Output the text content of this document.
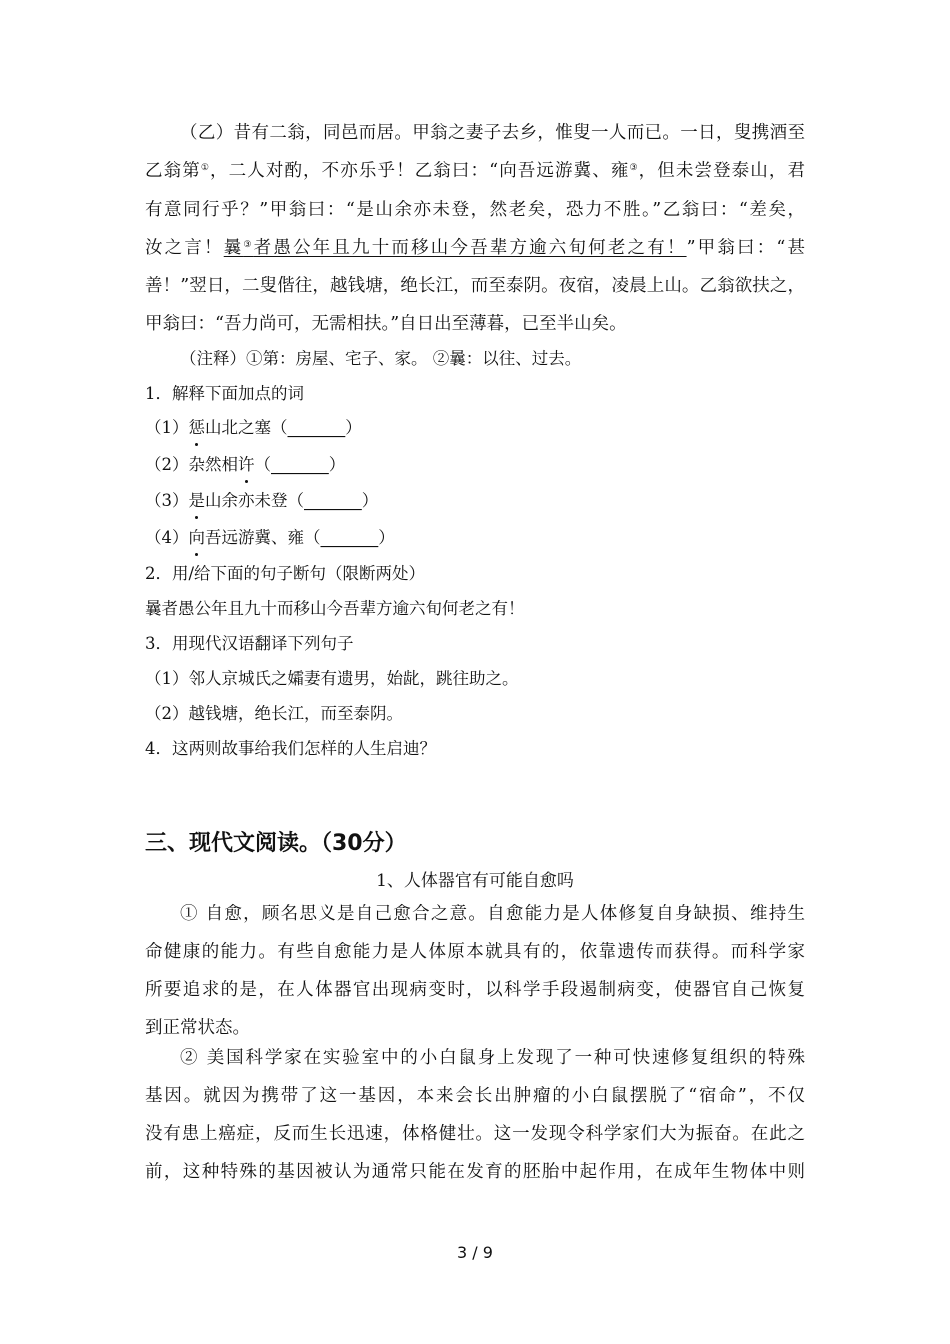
（乙）昔有二翁，同邑而居。甲翁之妻子去乡，惟叟一人而已。一日，叟携酒至
乙翁第①，二人对酌，不亦乐乎！乙翁曰：“向吾远游冀、雍③，但未尝登泰山，君
有意同行乎？”甲翁曰：“是山余亦未登，然老矣，恐力不胜。”乙翁曰：“差矣，
汝之言！曩③者愚公年且九十而移山今吾辈方逾六旬何老之有！”甲翁曰：“甚
善！”翌日，二叟偕往，越钱塘，绝长江，而至泰阴。夜宿，凌晨上山。乙翁欲扶之，
甲翁曰：“吾力尚可，无需相扶。”自日出至薄暮，已至半山矣。
（注释）①第：房屋、宅子、家。 ②曩：以往、过去。
1．解释下面加点的词
（1）惩山北之塞（_______）
（2）杂然相许（_______）
（3）是山余亦未登（_______）
（4）向吾远游冀、雍（_______）
2．用/给下面的句子断句（限断两处）
曩者愚公年且九十而移山今吾辈方逾六旬何老之有！
3．用现代汉语翻译下列句子
（1）邻人京城氏之孀妻有遗男，始龀，跳往助之。
（2）越钱塘，绝长江，而至泰阴。
4．这两则故事给我们怎样的人生启迪？
三、现代文阅读。（30分）
1、人体器官有可能自愈吗
① 自愈，顾名思义是自己愈合之意。自愈能力是人体修复自身缺损、维持生
命健康的能力。有些自愈能力是人体原本就具有的，依靠遗传而获得。而科学家
所要追求的是，在人体器官出现病变时，以科学手段遏制病变，使器官自己恢复
到正常状态。
② 美国科学家在实验室中的小白鼠身上发现了一种可快速修复组织的特殊
基因。就因为携带了这一基因，本来会长出肿瘤的小白鼠摆脱了“宿命”，不仅
没有患上癌症，反而生长迅速，体格健壮。这一发现令科学家们大为振奋。在此之
前，这种特殊的基因被认为通常只能在发育的胚胎中起作用，在成年生物体中则
3 / 9
